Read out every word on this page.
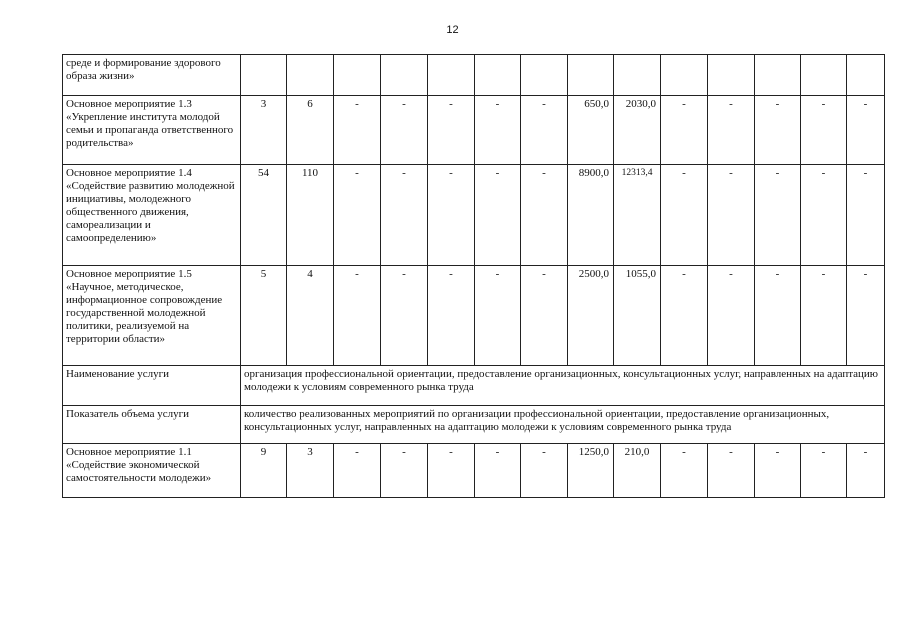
12
среде и формирование здорового образа жизни»														
Основное мероприятие 1.3 «Укрепление института молодой семьи и пропаганда ответственного родительства»	3	6	-	-	-	-	-	650,0	2030,0	-	-	-	-	-
Основное мероприятие 1.4 «Содействие развитию молодежной инициативы, молодежного общественного движения, самореализации и самоопределению»	54	110	-	-	-	-	-	8900,0	12313,4	-	-	-	-	-
Основное мероприятие 1.5 «Научное, методическое, информационное сопровождение государственной молодежной политики, реализуемой на территории области»	5	4	-	-	-	-	-	2500,0	1055,0	-	-	-	-	-
Наименование услуги	организация профессиональной ориентации, предоставление организационных, консультационных услуг, направленных на адаптацию молодежи к условиям современного рынка труда													
Показатель объема услуги	количество реализованных мероприятий по организации профессиональной ориентации, предоставление организационных, консультационных услуг, направленных на адаптацию молодежи к условиям современного рынка труда													
Основное мероприятие 1.1 «Содействие экономической самостоятельности молодежи»	9	3	-	-	-	-	-	1250,0	210,0	-	-	-	-	-
